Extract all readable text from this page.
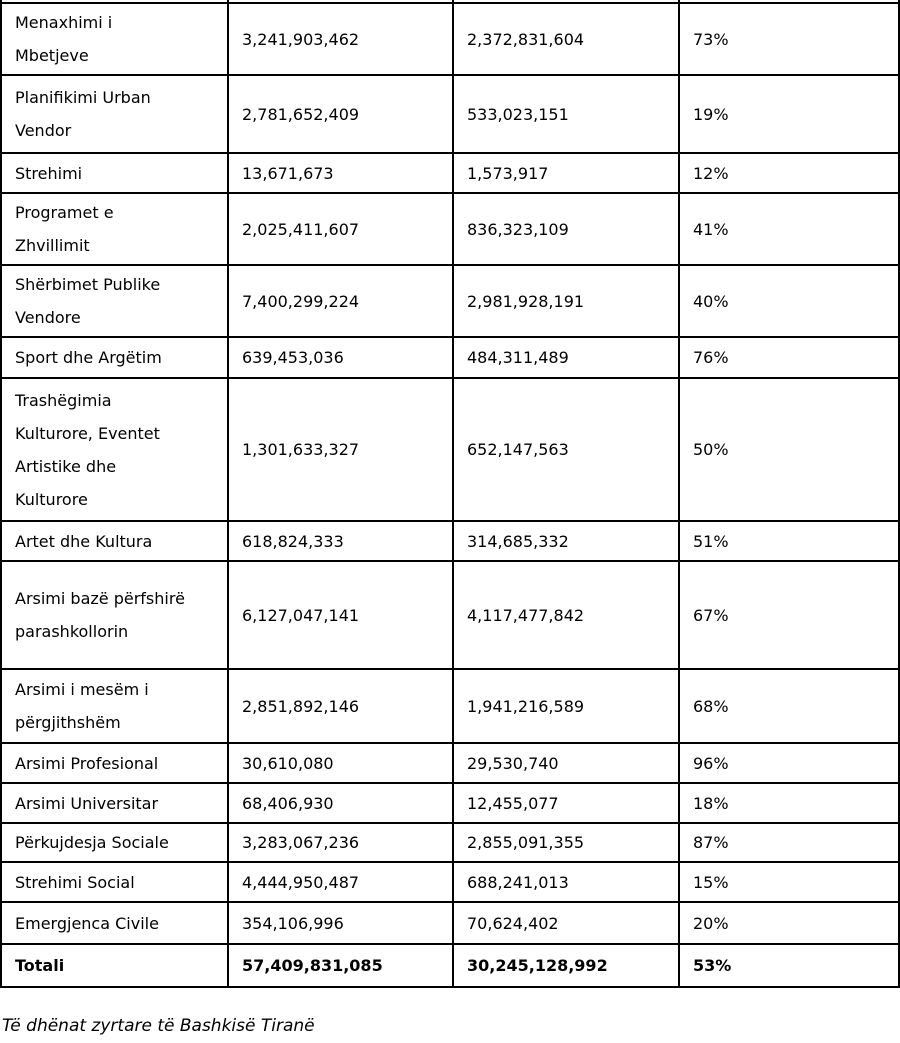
Menaxhimi i Mbetjeve	3,241,903,462	2,372,831,604	73%
Planifikimi Urban Vendor	2,781,652,409	533,023,151	19%
Strehimi	13,671,673	1,573,917	12%
Programet e Zhvillimit	2,025,411,607	836,323,109	41%
Shërbimet Publike Vendore	7,400,299,224	2,981,928,191	40%
Sport dhe Argëtim	639,453,036	484,311,489	76%
Trashëgimia Kulturore, Eventet Artistike dhe Kulturore	1,301,633,327	652,147,563	50%
Artet dhe Kultura	618,824,333	314,685,332	51%
Arsimi bazë përfshirë parashkollorin	6,127,047,141	4,117,477,842	67%
Arsimi i mesëm i përgjithshëm	2,851,892,146	1,941,216,589	68%
Arsimi Profesional	30,610,080	29,530,740	96%
Arsimi Universitar	68,406,930	12,455,077	18%
Përkujdesja Sociale	3,283,067,236	2,855,091,355	87%
Strehimi Social	4,444,950,487	688,241,013	15%
Emergjenca Civile	354,106,996	70,624,402	20%
Totali	57,409,831,085	30,245,128,992	53%

Të dhënat zyrtare të Bashkisë Tiranë
